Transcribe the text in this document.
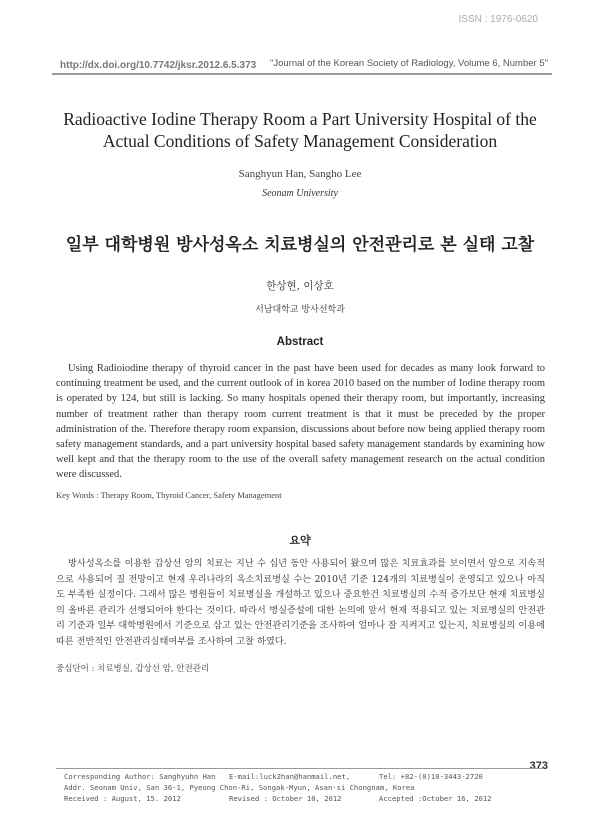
ISSN : 1976-0620
http://dx.doi.org/10.7742/jksr.2012.6.5.373 "Journal of the Korean Society of Radiology, Volume 6, Number 5"
Radioactive Iodine Therapy Room a Part University Hospital of the Actual Conditions of Safety Management Consideration
Sanghyun Han, Sangho Lee
Seonam University
일부 대학병원 방사성옥소 치료병실의 안전관리로 본 실태 고찰
한상현, 이상호
서남대학교 방사선학과
Abstract

Using Radioiodine therapy of thyroid cancer in the past have been used for decades as many look forward to continuing treatment be used, and the current outlook of in korea 2010 based on the number of Iodine therapy room is operated by 124, but still is lacking. So many hospitals opened their therapy room, but importantly, increasing number of treatment rather than therapy room current treatment is that it must be preceded by the proper administration of the. Therefore therapy room expansion, discussions about before now being applied therapy room safety management standards, and a part university hospital based safety management standards by examining how well kept and that the therapy room to the use of the overall safety management research on the actual condition were discussed.

Key Words : Therapy Room, Thyroid Cancer, Safety Management
요약

방사성옥소를 이용한 갑상선 암의 치료는 지난 수 십년 동안 사용되어 왔으며 많은 치료효과를 보이면서 앞으로 지속적으로 사용되어 질 전망이고 현재 우리나라의 옥소치료병실 수는 2010년 기준 124개의 치료병실이 운영되고 있으나 아직도 부족한 실정이다. 그래서 많은 병원들이 치료병실을 개설하고 있으나 중요한건 치료병실의 수적 증가보단 현재 치료병실의 올바른 관리가 선행되어야 한다는 것이다. 따라서 병실증설에 대한 논의에 앞서 현재 적용되고 있는 치료병실의 안전관리 기준과 일부 대학병원에서 기준으로 삼고 있는 안전관리기준을 조사하여 얼마나 잘 지켜지고 있는지, 치료병실의 이용에 따른 전반적인 안전관리실태여부를 조사하여 고찰 하였다.

중심단어 : 치료병실, 갑상선 암, 안전관리
373
Corresponding Author: Sanghyuhn Han E-mail:luck2han@hanmail.net,	Tel: +82-(0)10-3443-2720
Addr. Seonam Univ, San 36-1, Pyeong Chon-Ri, Songak-Myun, Asan-si Chongnam, Korea
Received : August, 15. 2012	Revised : October 10, 2012	Accepted :October 16, 2012
